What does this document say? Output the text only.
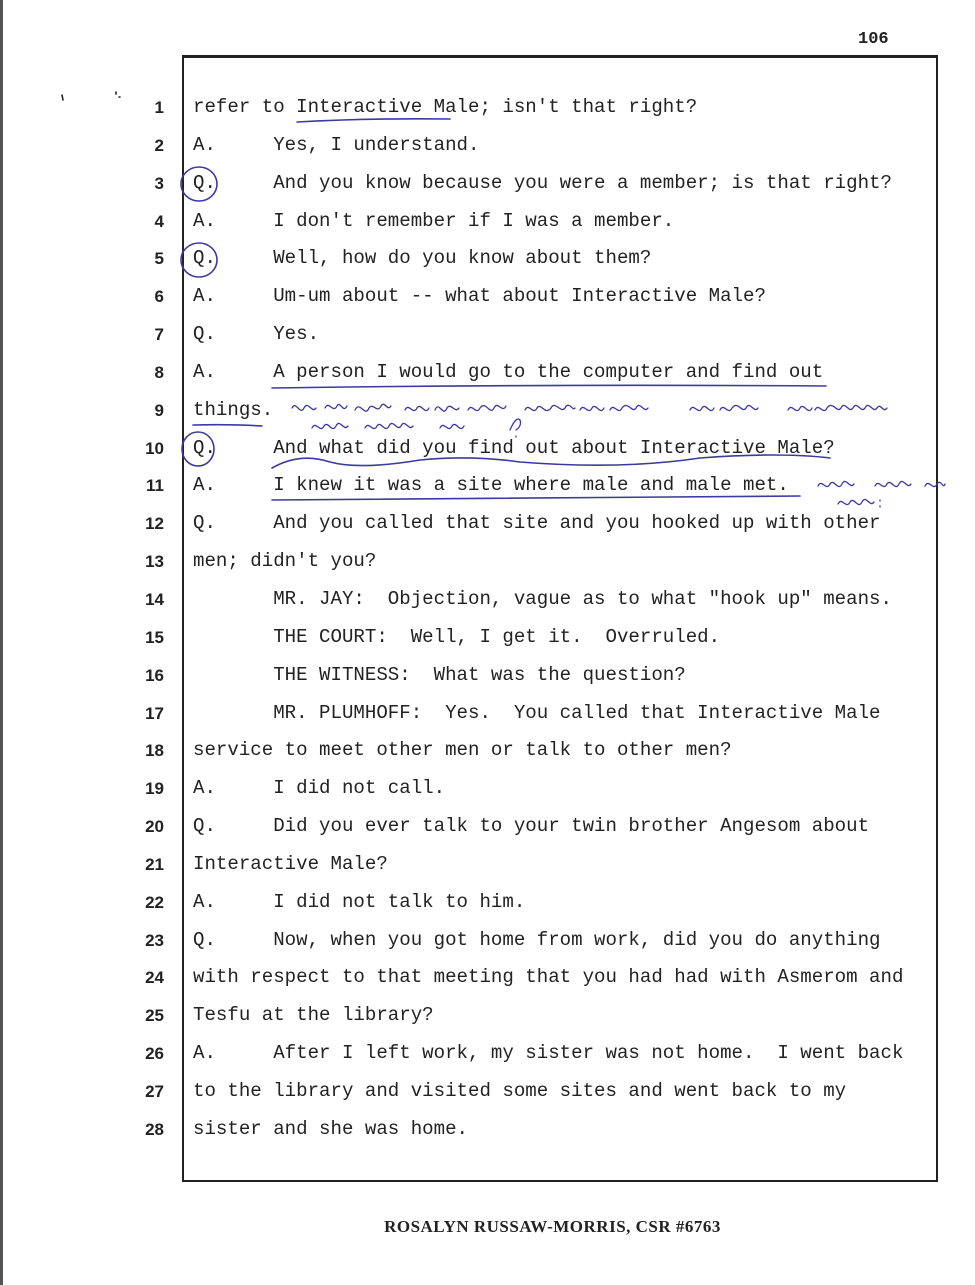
106
1 refer to Interactive Male; isn't that right?
2 A.     Yes, I understand.
3 Q.     And you know because you were a member; is that right?
4 A.     I don't remember if I was a member.
5 Q.     Well, how do you know about them?
6 A.     Um-um about -- what about Interactive Male?
7 Q.     Yes.
8 A.     A person I would go to the computer and find out
9 things.
10 Q.     And what did you find out about Interactive Male?
11 A.     I knew it was a site where male and male met.
12 Q.     And you called that site and you hooked up with other
13 men; didn't you?
14 MR. JAY:  Objection, vague as to what "hook up" means.
15 THE COURT:  Well, I get it.  Overruled.
16 THE WITNESS:  What was the question?
17 MR. PLUMHOFF:  Yes.  You called that Interactive Male
18 service to meet other men or talk to other men?
19 A.     I did not call.
20 Q.     Did you ever talk to your twin brother Angesom about
21 Interactive Male?
22 A.     I did not talk to him.
23 Q.     Now, when you got home from work, did you do anything
24 with respect to that meeting that you had had with Asmerom and
25 Tesfu at the library?
26 A.     After I left work, my sister was not home.  I went back
27 to the library and visited some sites and went back to my
28 sister and she was home.
ROSALYN RUSSAW-MORRIS, CSR #6763
